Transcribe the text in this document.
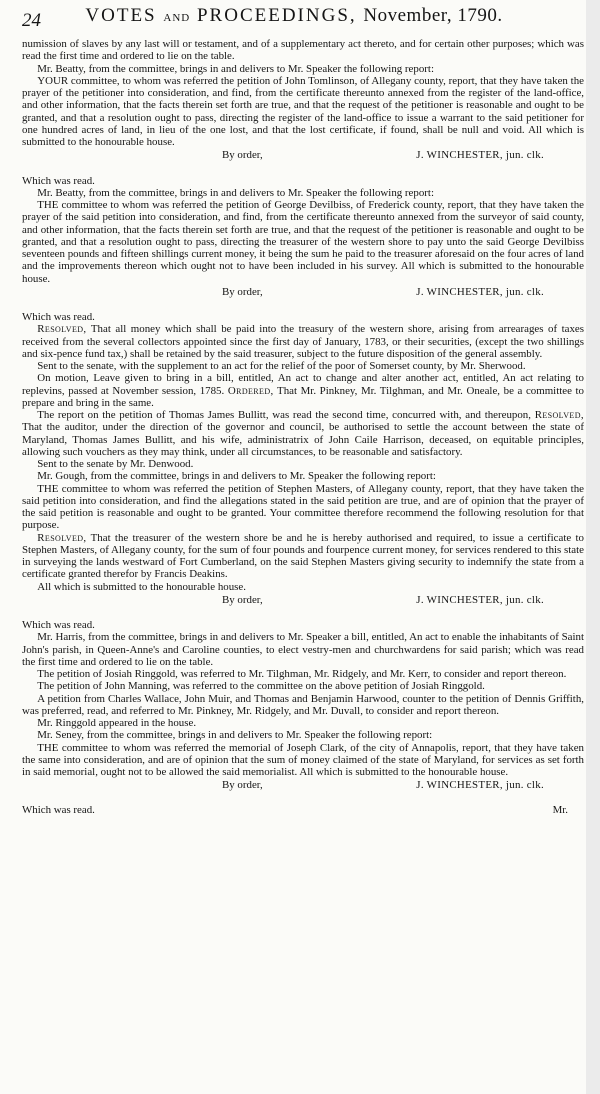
24	VOTES AND PROCEEDINGS, November, 1790.

numission of slaves by any last will or testament, and of a supplementary act thereto, and for certain other purposes; which was read the first time and ordered to lie on the table.

Mr. Beatty, from the committee, brings in and delivers to Mr. Speaker the following report:

YOUR committee, to whom was referred the petition of John Tomlinson, of Allegany county, report, that they have taken the prayer of the petitioner into consideration, and find, from the certificate thereunto annexed from the register of the land-office, and other information, that the facts therein set forth are true, and that the request of the petitioner is reasonable and ought to be granted, and that a resolution ought to pass, directing the register of the land-office to issue a warrant to the said petitioner for one hundred acres of land, in lieu of the one lost, and that the lost certificate, if found, shall be null and void. All which is submitted to the honourable house.

By order,	J. WINCHESTER, jun. clk.

Which was read.

Mr. Beatty, from the committee, brings in and delivers to Mr. Speaker the following report:

THE committee to whom was referred the petition of George Devilbiss, of Frederick county, report, that they have taken the prayer of the said petition into consideration, and find, from the certificate thereunto annexed from the surveyor of said county, and other information, that the facts therein set forth are true, and that the request of the petitioner is reasonable and ought to be granted, and that a resolution ought to pass, directing the treasurer of the western shore to pay unto the said George Devilbiss seventeen pounds and fifteen shillings current money, it being the sum he paid to the treasurer aforesaid on the four acres of land and the improvements thereon which ought not to have been included in his survey. All which is submitted to the honourable house.

By order,	J. WINCHESTER, jun. clk.

Which was read.

Resolved, That all money which shall be paid into the treasury of the western shore, arising from arrearages of taxes received from the several collectors appointed since the first day of January, 1783, or their securities, (except the two shillings and six-pence fund tax,) shall be retained by the said treasurer, subject to the future disposition of the general assembly.

Sent to the senate, with the supplement to an act for the relief of the poor of Somerset county, by Mr. Sherwood.

On motion, Leave given to bring in a bill, entitled, An act to change and alter another act, entitled, An act relating to replevins, passed at November session, 1785. Ordered, That Mr. Pinkney, Mr. Tilghman, and Mr. Oneale, be a committee to prepare and bring in the same.

The report on the petition of Thomas James Bullitt, was read the second time, concurred with, and thereupon, Resolved, That the auditor, under the direction of the governor and council, be authorised to settle the account between the state of Maryland, Thomas James Bullitt, and his wife, administratrix of John Caile Harrison, deceased, on equitable principles, allowing such vouchers as they may think, under all circumstances, to be reasonable and satisfactory.

Sent to the senate by Mr. Denwood.

Mr. Gough, from the committee, brings in and delivers to Mr. Speaker the following report:

THE committee to whom was referred the petition of Stephen Masters, of Allegany county, report, that they have taken the said petition into consideration, and find the allegations stated in the said petition are true, and are of opinion that the prayer of the said petition is reasonable and ought to be granted. Your committee therefore recommend the following resolution for that purpose.

Resolved, That the treasurer of the western shore be and he is hereby authorised and required, to issue a certificate to Stephen Masters, of Allegany county, for the sum of four pounds and fourpence current money, for services rendered to this state in surveying the lands westward of Fort Cumberland, on the said Stephen Masters giving security to indemnify the state from a certificate granted therefor by Francis Deakins.

All which is submitted to the honourable house.

By order,	J. WINCHESTER, jun. clk.

Which was read.

Mr. Harris, from the committee, brings in and delivers to Mr. Speaker a bill, entitled, An act to enable the inhabitants of Saint John's parish, in Queen-Anne's and Caroline counties, to elect vestry-men and churchwardens for said parish; which was read the first time and ordered to lie on the table.

The petition of Josiah Ringgold, was referred to Mr. Tilghman, Mr. Ridgely, and Mr. Kerr, to consider and report thereon.

The petition of John Manning, was referred to the committee on the above petition of Josiah Ringgold.

A petition from Charles Wallace, John Muir, and Thomas and Benjamin Harwood, counter to the petition of Dennis Griffith, was preferred, read, and referred to Mr. Pinkney, Mr. Ridgely, and Mr. Duvall, to consider and report thereon.

Mr. Ringgold appeared in the house.

Mr. Seney, from the committee, brings in and delivers to Mr. Speaker the following report:

THE committee to whom was referred the memorial of Joseph Clark, of the city of Annapolis, report, that they have taken the same into consideration, and are of opinion that the sum of money claimed of the state of Maryland, for services as set forth in said memorial, ought not to be allowed the said memorialist. All which is submitted to the honourable house.

By order,	J. WINCHESTER, jun. clk.
Which was read.	Mr.
